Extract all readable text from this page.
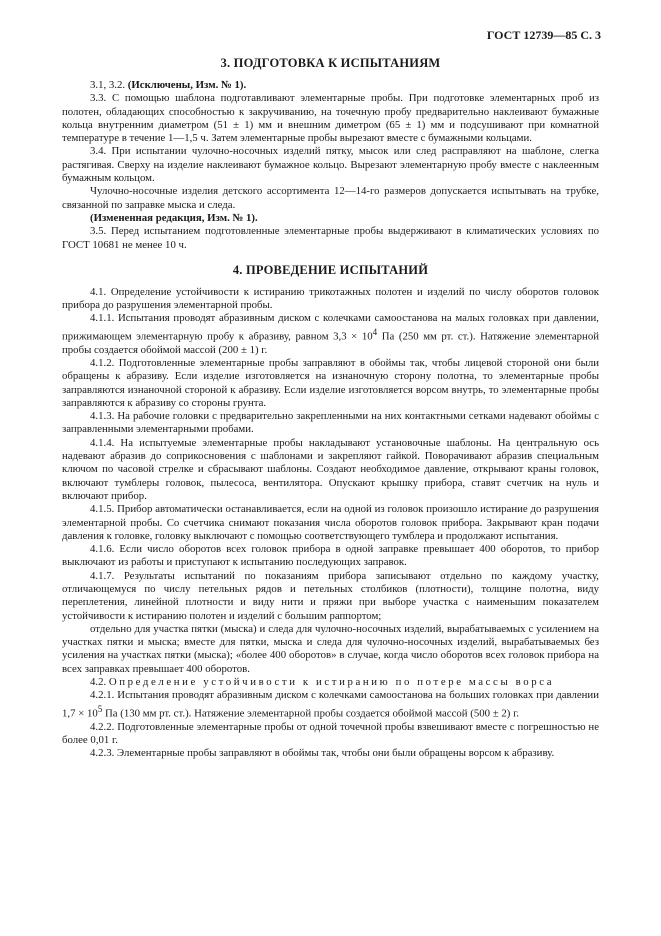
ГОСТ 12739—85 С. 3
3. ПОДГОТОВКА К ИСПЫТАНИЯМ

3.1, 3.2. (Исключены, Изм. № 1).

3.3. С помощью шаблона подготавливают элементарные пробы. При подготовке элементарных проб из полотен, обладающих способностью к закручиванию, на точечную пробу предварительно наклеивают бумажные кольца внутренним диаметром (51 ± 1) мм и внешним диметром (65 ± 1) мм и подсушивают при комнатной температуре в течение 1—1,5 ч. Затем элементарные пробы вырезают вместе с бумажными кольцами.

3.4. При испытании чулочно-носочных изделий пятку, мысок или след расправляют на шаблоне, слегка растягивая. Сверху на изделие наклеивают бумажное кольцо. Вырезают элементарную пробу вместе с наклеенным бумажным кольцом.

Чулочно-носочные изделия детского ассортимента 12—14-го размеров допускается испытывать на трубке, связанной по заправке мыска и следа.

(Измененная редакция, Изм. № 1).

3.5. Перед испытанием подготовленные элементарные пробы выдерживают в климатических условиях по ГОСТ 10681 не менее 10 ч.

4. ПРОВЕДЕНИЕ ИСПЫТАНИЙ

4.1. Определение устойчивости к истиранию трикотажных полотен и изделий по числу оборотов головок прибора до разрушения элементарной пробы.

4.1.1. Испытания проводят абразивным диском с колечками самоостанова на малых головках при давлении, прижимающем элементарную пробу к абразиву, равном $3,3 \times 10^4$ Па (250 мм рт. ст.). Натяжение элементарной пробы создается обоймой массой (200 ± 1) г.

4.1.2. Подготовленные элементарные пробы заправляют в обоймы так, чтобы лицевой стороной они были обращены к абразиву. Если изделие изготовляется на изнаночную сторону полотна, то элементарные пробы заправляются изнаночной стороной к абразиву. Если изделие изготовляется ворсом внутрь, то элементарные пробы заправляются к абразиву со стороны грунта.

4.1.3. На рабочие головки с предварительно закрепленными на них контактными сетками надевают обоймы с заправленными элементарными пробами.

4.1.4. На испытуемые элементарные пробы накладывают установочные шаблоны. На центральную ось надевают абразив до соприкосновения с шаблонами и закрепляют гайкой. Поворачивают абразив специальным ключом по часовой стрелке и сбрасывают шаблоны. Создают необходимое давление, открывают краны головок, включают тумблеры головок, пылесоса, вентилятора. Опускают крышку прибора, ставят счетчик на нуль и включают прибор.

4.1.5. Прибор автоматически останавливается, если на одной из головок произошло истирание до разрушения элементарной пробы. Со счетчика снимают показания числа оборотов головок прибора. Закрывают кран подачи давления к головке, головку выключают с помощью соответствующего тумблера и продолжают испытания.

4.1.6. Если число оборотов всех головок прибора в одной заправке превышает 400 оборотов, то прибор выключают из работы и приступают к испытанию последующих заправок.

4.1.7. Результаты испытаний по показаниям прибора записывают отдельно по каждому участку, отличающемуся по числу петельных рядов и петельных столбиков (плотности), толщине полотна, виду переплетения, линейной плотности и виду нити и пряжи при выборе участка с наименьшим показателем устойчивости к истиранию полотен и изделий с большим раппортом;

отдельно для участка пятки (мыска) и следа для чулочно-носочных изделий, вырабатываемых с усилением на участках пятки и мыска; вместе для пятки, мыска и следа для чулочно-носочных изделий, вырабатываемых без усиления на участках пятки (мыска); «более 400 оборотов» в случае, когда число оборотов всех головок прибора на всех заправках превышает 400 оборотов.

4.2. Определение устойчивости к истиранию по потере массы ворса

4.2.1. Испытания проводят абразивным диском с колечками самоостанова на больших головках при давлении $1,7 \times 10^5$ Па (130 мм рт. ст.). Натяжение элементарной пробы создается обоймой массой (500 ± 2) г.

4.2.2. Подготовленные элементарные пробы от одной точечной пробы взвешивают вместе с погрешностью не более 0,01 г.

4.2.3. Элементарные пробы заправляют в обоймы так, чтобы они были обращены ворсом к абразиву.
